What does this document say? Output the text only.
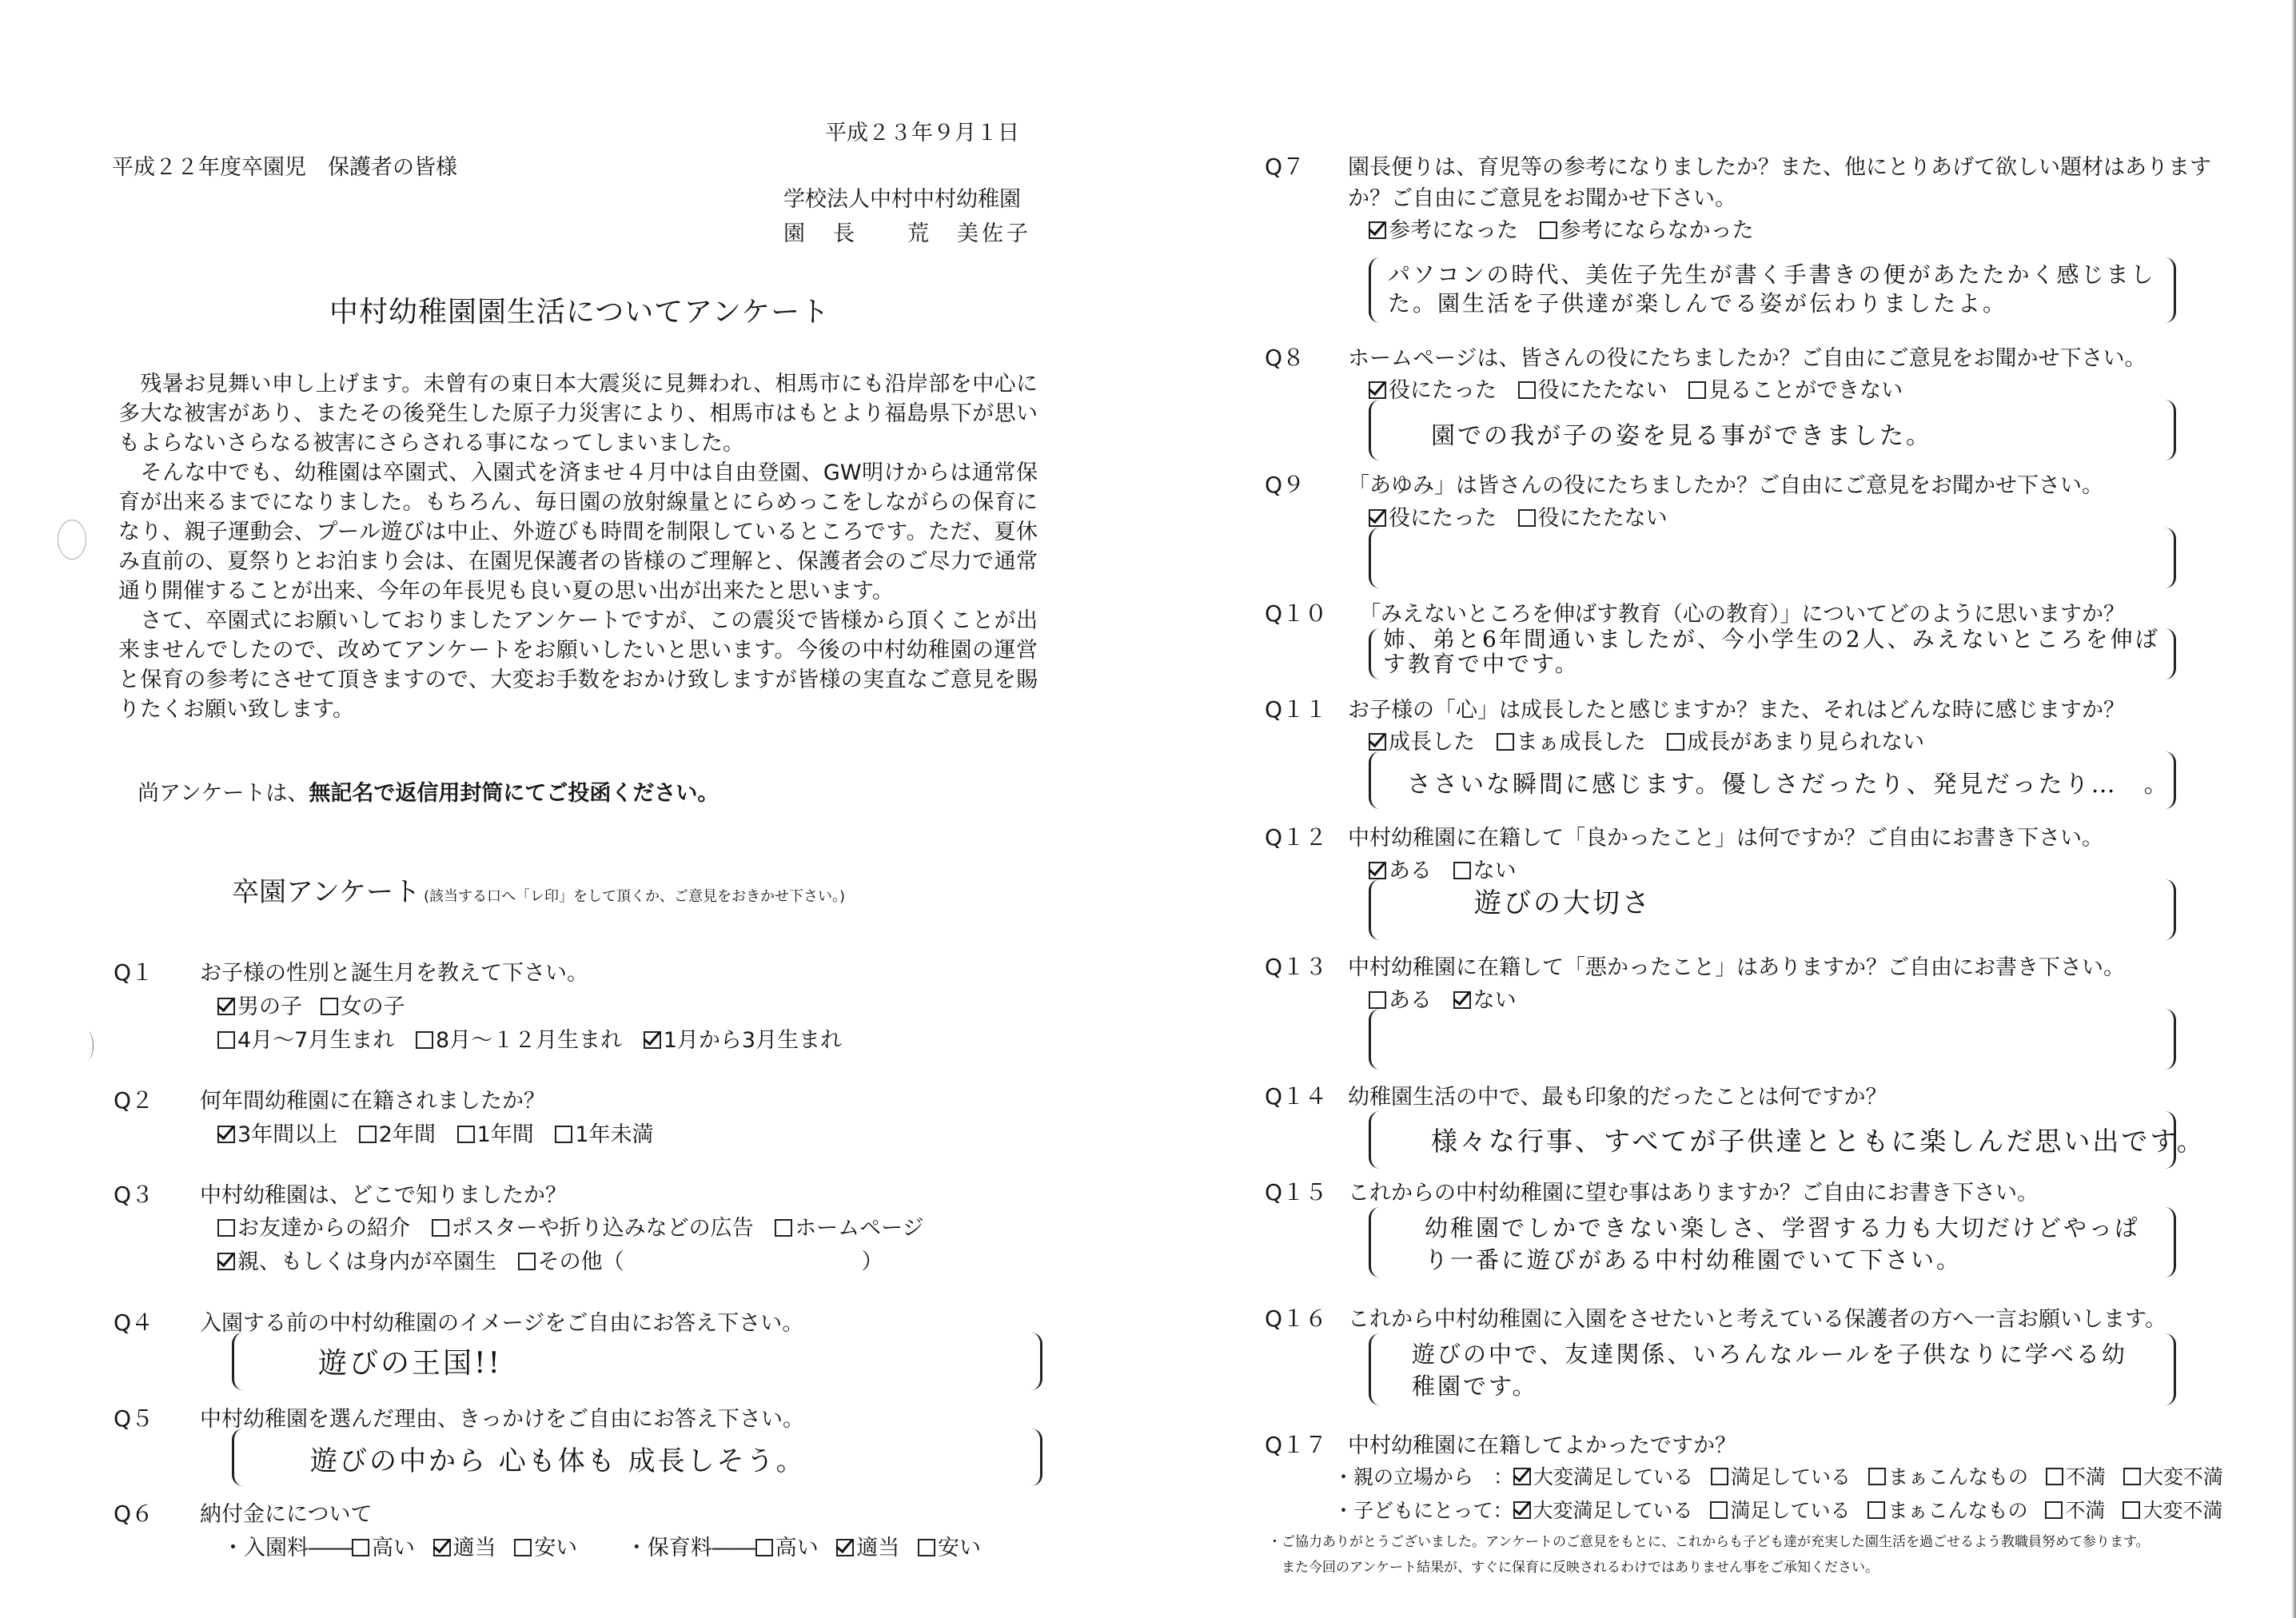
平成２３年９月１日
平成２２年度卒園児　保護者の皆様
学校法人中村中村幼稚園
園　長　　荒　美佐子
中村幼稚園園生活についてアンケート

　残暑お見舞い申し上げます。未曾有の東日本大震災に見舞われ、相馬市にも沿岸部を中心に多大な被害があり、またその後発生した原子力災害により、相馬市はもとより福島県下が思いもよらないさらなる被害にさらされる事になってしまいました。

　そんな中でも、幼稚園は卒園式、入園式を済ませ４月中は自由登園、GW明けからは通常保育が出来るまでになりました。もちろん、毎日園の放射線量とにらめっこをしながらの保育になり、親子運動会、プール遊びは中止、外遊びも時間を制限しているところです。ただ、夏休み直前の、夏祭りとお泊まり会は、在園児保護者の皆様のご理解と、保護者会のご尽力で通常通り開催することが出来、今年の年長児も良い夏の思い出が出来たと思います。

　さて、卒園式にお願いしておりましたアンケートですが、この震災で皆様から頂くことが出来ませんでしたので、改めてアンケートをお願いしたいと思います。今後の中村幼稚園の運営と保育の参考にさせて頂きますので、大変お手数をおかけ致しますが皆様の実直なご意見を賜りたくお願い致します。

尚アンケートは、無記名で返信用封筒にてご投函ください。
卒園アンケート (該当する口へ「レ印」をして頂くか、ご意見をおきかせ下さい。)
Q１ お子様の性別と誕生月を教えて下さい。
男の子 女の子
4月～7月生まれ 8月～１２月生まれ 1月から3月生まれ
Q２ 何年間幼稚園に在籍されましたか？
3年間以上 2年間 1年間 1年未満
Q３ 中村幼稚園は、どこで知りましたか？
お友達からの紹介 ポスターや折り込みなどの広告 ホームページ
親、もしくは身内が卒園生 その他（　　　　　　　　　　　）
Q４ 入園する前の中村幼稚園のイメージをご自由にお答え下さい。
遊びの王国!!
Q５ 中村幼稚園を選んだ理由、きっかけをご自由にお答え下さい。
遊びの中から 心も体も 成長しそう。
Q６ 納付金にについて
・入園料―― 高い 適当 安い ・保育料―― 高い 適当 安い
Q７ 園長便りは、育児等の参考になりましたか？また、他にとりあげて欲しい題材はあります
か？ご自由にご意見をお聞かせ下さい。
参考になった 参考にならなかった
パソコンの時代、美佐子先生が書く手書きの便があたたかく感じました。園生活を子供達が楽しんでる姿が伝わりましたよ。
Q８ ホームページは、皆さんの役にたちましたか？ご自由にご意見をお聞かせ下さい。
役にたった 役にたたない 見ることができない
園での我が子の姿を見る事ができました。
Q９ 「あゆみ」は皆さんの役にたちましたか？ご自由にご意見をお聞かせ下さい。
役にたった 役にたたない
Q１０ 「みえないところを伸ばす教育（心の教育）」についてどのように思いますか？
姉、弟と6年間通いましたが、今小学生の2人、みえないところを伸ばす教育で中です。
Q１１ お子様の「心」は成長したと感じますか？また、それはどんな時に感じますか？
成長した まぁ成長した 成長があまり見られない
ささいな瞬間に感じます。優しさだったり、発見だったり…　。
Q１２ 中村幼稚園に在籍して「良かったこと」は何ですか？ご自由にお書き下さい。
ある ない
遊びの大切さ
Q１３ 中村幼稚園に在籍して「悪かったこと」はありますか？ご自由にお書き下さい。
ある ない
Q１４ 幼稚園生活の中で、最も印象的だったことは何ですか？
様々な行事、すべてが子供達とともに楽しんだ思い出です。
Q１５ これからの中村幼稚園に望む事はありますか？ご自由にお書き下さい。
幼稚園でしかできない楽しさ、学習する力も大切だけどやっぱり一番に遊びがある中村幼稚園でいて下さい。
Q１６ これから中村幼稚園に入園をさせたいと考えている保護者の方へ一言お願いします。
遊びの中で、友達関係、いろんなルールを子供なりに学べる幼稚園です。
Q１７ 中村幼稚園に在籍してよかったですか？
・親の立場から　： 大変満足している 満足している まぁこんなもの 不満 大変不満
・子どもにとって： 大変満足している 満足している まぁこんなもの 不満 大変不満
・ご協力ありがとうございました。アンケートのご意見をもとに、これからも子ども達が充実した園生活を過ごせるよう教職員努めて参ります。
　また今回のアンケート結果が、すぐに保育に反映されるわけではありません事をご承知ください。
